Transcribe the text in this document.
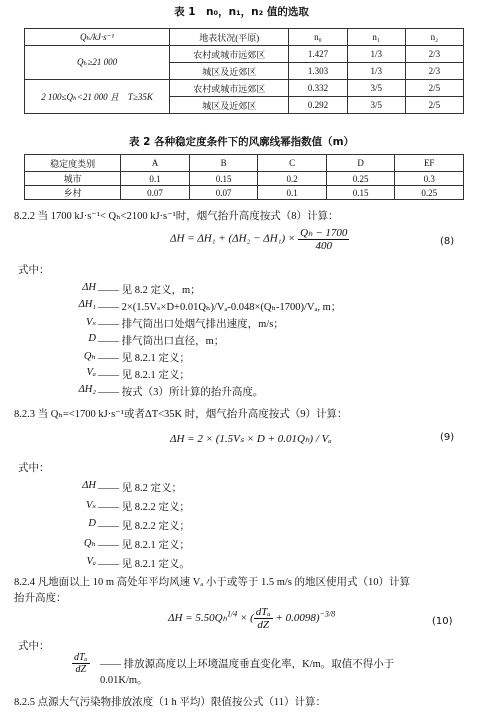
表 1　n₀，n₁，n₂ 值的选取
Qₕ/kJ·s⁻¹	地表状况(平原)	n₀	n₁	n₂
Qₕ≥21 000	农村或城市远郊区	1.427	1/3	2/3
	城区及近郊区	1.303	1/3	2/3
2 100≤Qₕ<21 000 且　T≥35K	农村或城市远郊区	0.332	3/5	2/5
	城区及近郊区	0.292	3/5	2/5
表 2 各种稳定度条件下的风廓线幂指数值（m）
稳定度类别	A	B	C	D	EF
城市	0.1	0.15	0.2	0.25	0.3
乡村	0.07	0.07	0.1	0.15	0.25
8.2.2 当 1700 kJ·s⁻¹< Qₕ<2100 kJ·s⁻¹时，烟气抬升高度按式（8）计算：
$\Delta H = \Delta H_1 + (\Delta H_2 - \Delta H_1) \times \frac{\text{Qₕ − 1700}}{400}$	(8)
式中：
ΔH —— 见 8.2 定义，m；
ΔH₁ —— 2×(1.5Vₛ×D+0.01Qₕ)/Vₐ-0.048×(Qₕ-1700)/Vₐ, m；
Vₛ —— 排气筒出口处烟气排出速度，m/s；
D —— 排气筒出口直径，m；
Qₕ —— 见 8.2.1 定义；
Vₐ —— 见 8.2.1 定义；
ΔH₂ —— 按式（3）所计算的抬升高度。
8.2.3 当 Qₕ=<1700 kJ·s⁻¹或者ΔT<35K 时，烟气抬升高度按式（9）计算：
ΔH = 2 × (1.5Vₛ × D + 0.01Qₕ) / Vₐ	(9)
式中：
ΔH —— 见 8.2 定义；
Vₛ —— 见 8.2.2 定义；
D —— 见 8.2.2 定义；
Qₕ —— 见 8.2.1 定义；
Vₐ —— 见 8.2.1 定义。
8.2.4 凡地面以上 10 m 高处年平均风速 Vₐ 小于或等于 1.5 m/s 的地区使用式（10）计算
抬升高度：
ΔH = 5.50Qₕ$^{1/4}$ × ( $\frac{\text{dTₐ}}{dZ} + 0.0098)^{-3/8}$
(10)
式中：
$\frac{\text{dTₐ}}{dZ}$ —— 排放源高度以上环境温度垂直变化率，K/m。取值不得小于
0.01K/m。
8.2.5 点源大气污染物排放浓度（1 h 平均）限值按公式（11）计算：
